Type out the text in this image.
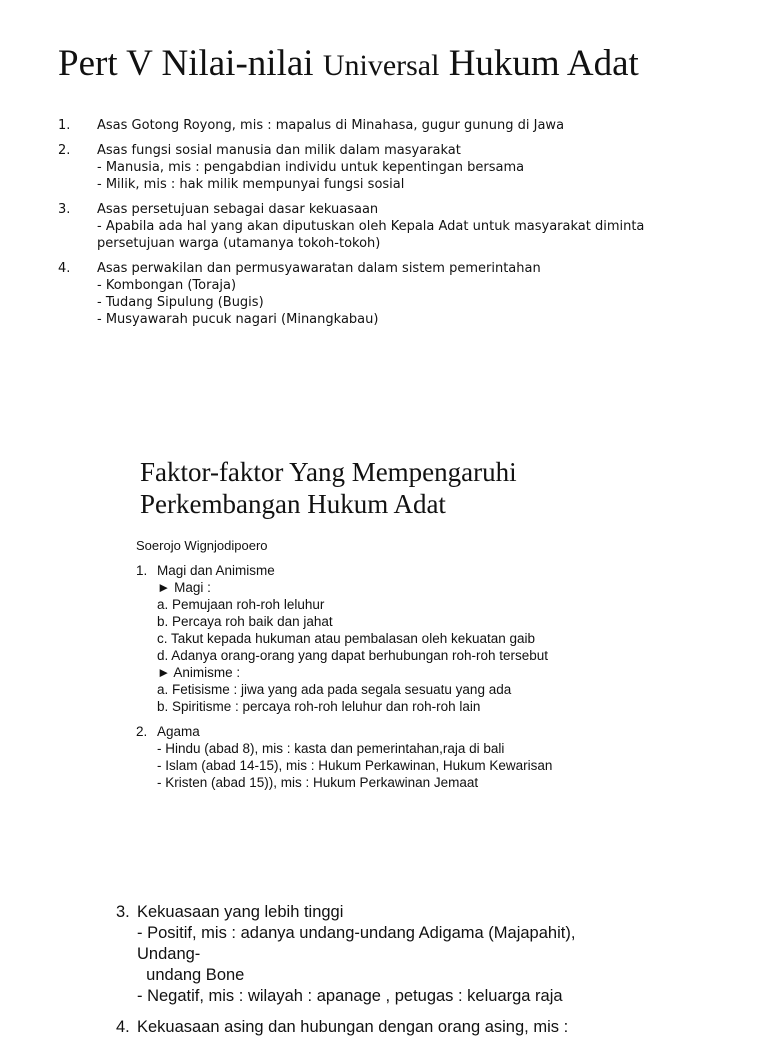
Pert V Nilai-nilai Universal Hukum Adat
1.	Asas Gotong Royong, mis : mapalus di Minahasa, gugur gunung di Jawa
2.	Asas fungsi sosial manusia dan milik dalam masyarakat
- Manusia, mis : pengabdian individu untuk kepentingan bersama
- Milik, mis : hak milik mempunyai fungsi sosial
3.	Asas persetujuan sebagai dasar kekuasaan
- Apabila ada hal yang akan diputuskan oleh Kepala Adat untuk masyarakat diminta
persetujuan warga (utamanya tokoh-tokoh)
4.	Asas perwakilan dan permusyawaratan dalam sistem pemerintahan
- Kombongan (Toraja)
- Tudang Sipulung (Bugis)
- Musyawarah pucuk nagari (Minangkabau)
Faktor-faktor Yang Mempengaruhi
Perkembangan Hukum Adat
Soerojo Wignjodipoero
1. Magi dan Animisme
► Magi :
a. Pemujaan roh-roh leluhur
b. Percaya roh baik dan jahat
c. Takut kepada hukuman atau pembalasan oleh kekuatan gaib
d. Adanya orang-orang yang dapat berhubungan roh-roh tersebut
► Animisme :
a. Fetisisme : jiwa yang ada pada segala sesuatu yang ada
b. Spiritisme : percaya roh-roh leluhur dan roh-roh lain
2. Agama
- Hindu (abad 8), mis : kasta dan pemerintahan,raja di bali
- Islam (abad 14-15), mis : Hukum Perkawinan, Hukum Kewarisan
- Kristen (abad 15)), mis : Hukum Perkawinan Jemaat
3. Kekuasaan yang lebih tinggi
- Positif, mis : adanya undang-undang Adigama (Majapahit),
Undang-
undang Bone
- Negatif, mis : wilayah : apanage , petugas : keluarga raja
4. Kekuasaan asing dan hubungan dengan orang asing, mis :
